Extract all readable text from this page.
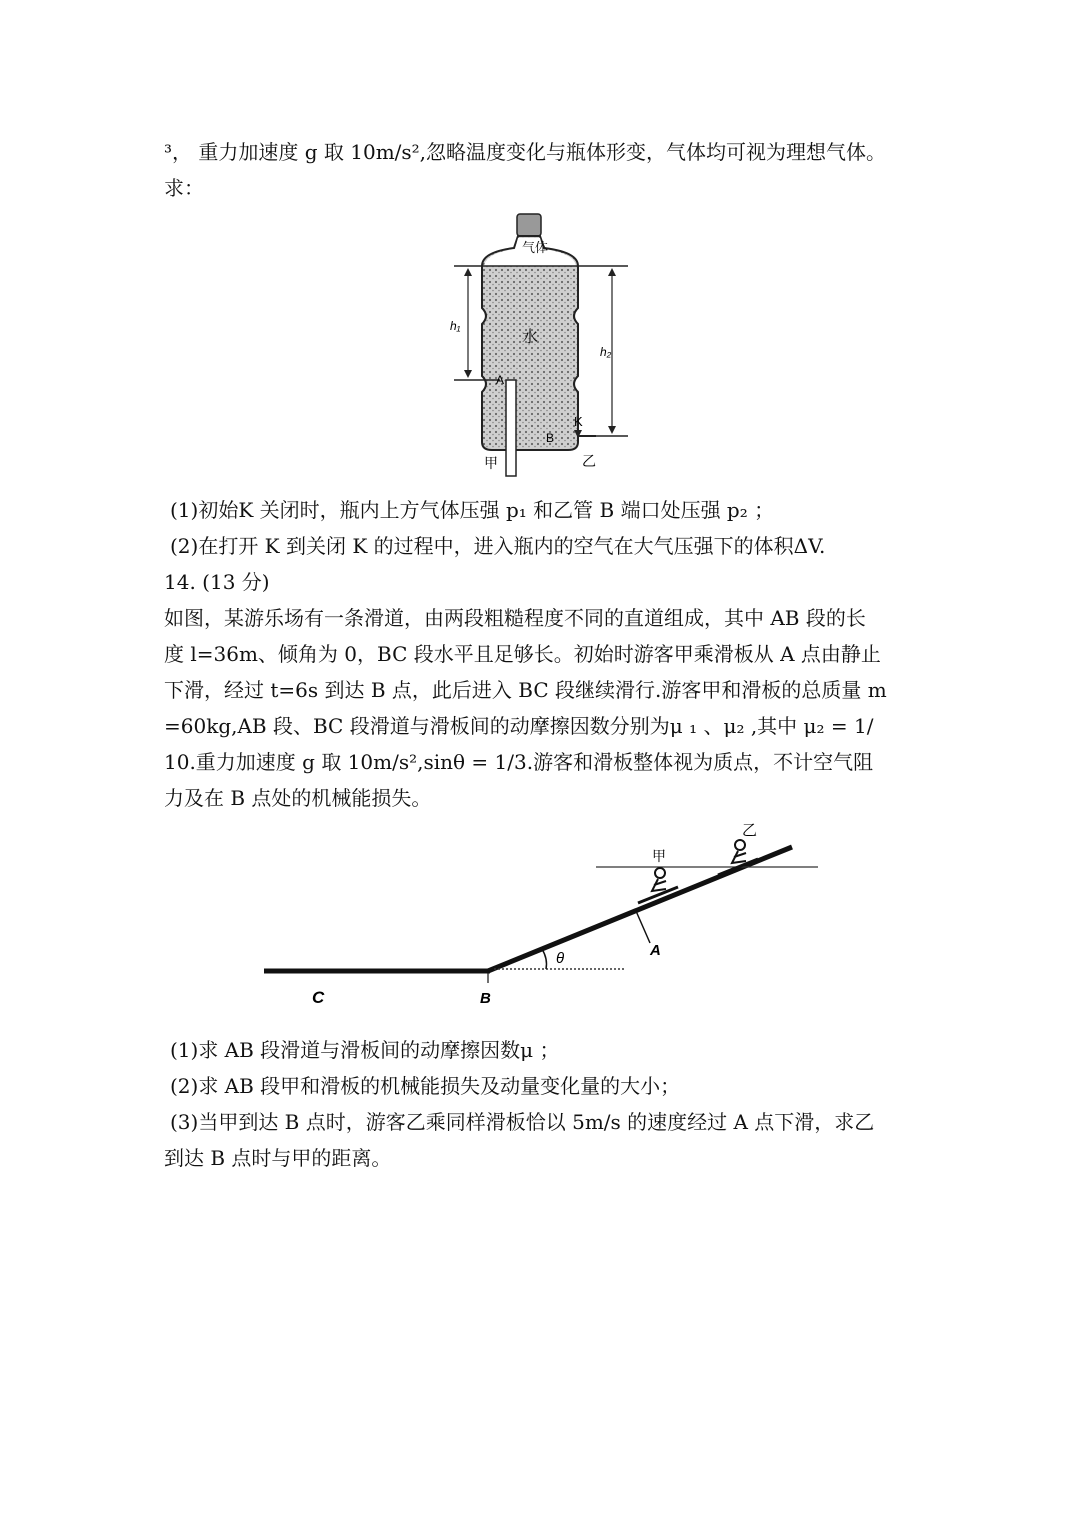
³， 重力加速度 g 取 10m/s²,忽略温度变化与瓶体形变，气体均可视为理想气体。
求：
气体
水
h₁
h₂
A
甲
B
K
乙
(1)初始K 关闭时，瓶内上方气体压强 p₁ 和乙管 B 端口处压强 p₂ ；
(2)在打开 K 到关闭 K 的过程中，进入瓶内的空气在大气压强下的体积ΔV.
14. (13 分)
如图，某游乐场有一条滑道，由两段粗糙程度不同的直道组成，其中 AB 段的长
度 l=36m、倾角为 0，BC 段水平且足够长。初始时游客甲乘滑板从 A 点由静止
下滑，经过 t=6s 到达 B 点，此后进入 BC 段继续滑行.游客甲和滑板的总质量 m
=60kg,AB 段、BC 段滑道与滑板间的动摩擦因数分别为μ ₁ 、μ₂ ,其中 μ₂ = 1/
10.重力加速度 g 取 10m/s²,sinθ = 1/3.游客和滑板整体视为质点，不计空气阻
力及在 B 点处的机械能损失。
θ
C	B
A
甲
乙
(1)求 AB 段滑道与滑板间的动摩擦因数μ ；
(2)求 AB 段甲和滑板的机械能损失及动量变化量的大小；
(3)当甲到达 B 点时，游客乙乘同样滑板恰以 5m/s 的速度经过 A 点下滑，求乙
到达 B 点时与甲的距离。
